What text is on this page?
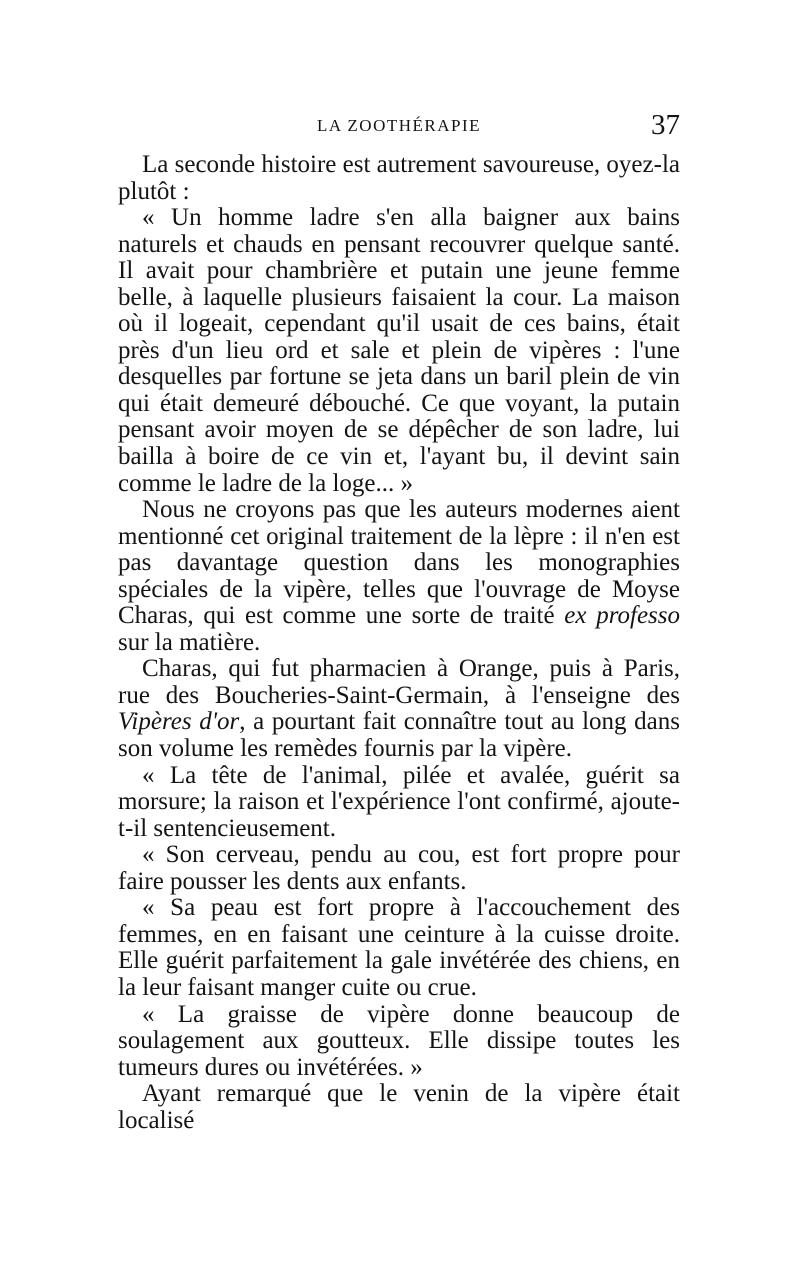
LA ZOOTHÉRAPIE	37

La seconde histoire est autrement savoureuse, oyez-la plutôt :

« Un homme ladre s'en alla baigner aux bains naturels et chauds en pensant recouvrer quelque santé. Il avait pour chambrière et putain une jeune femme belle, à laquelle plusieurs faisaient la cour. La maison où il logeait, cependant qu'il usait de ces bains, était près d'un lieu ord et sale et plein de vipères : l'une desquelles par fortune se jeta dans un baril plein de vin qui était demeuré débouché. Ce que voyant, la putain pensant avoir moyen de se dépêcher de son ladre, lui bailla à boire de ce vin et, l'ayant bu, il devint sain comme le ladre de la loge... »

Nous ne croyons pas que les auteurs modernes aient mentionné cet original traitement de la lèpre : il n'en est pas davantage question dans les monographies spéciales de la vipère, telles que l'ouvrage de Moyse Charas, qui est comme une sorte de traité ex professo sur la matière.

Charas, qui fut pharmacien à Orange, puis à Paris, rue des Boucheries-Saint-Germain, à l'enseigne des Vipères d'or, a pourtant fait connaître tout au long dans son volume les remèdes fournis par la vipère.

« La tête de l'animal, pilée et avalée, guérit sa morsure; la raison et l'expérience l'ont confirmé, ajoute-t-il sentencieusement.

« Son cerveau, pendu au cou, est fort propre pour faire pousser les dents aux enfants.

« Sa peau est fort propre à l'accouchement des femmes, en en faisant une ceinture à la cuisse droite. Elle guérit parfaitement la gale invétérée des chiens, en la leur faisant manger cuite ou crue.

« La graisse de vipère donne beaucoup de soulagement aux goutteux. Elle dissipe toutes les tumeurs dures ou invétérées. »

Ayant remarqué que le venin de la vipère était localisé
